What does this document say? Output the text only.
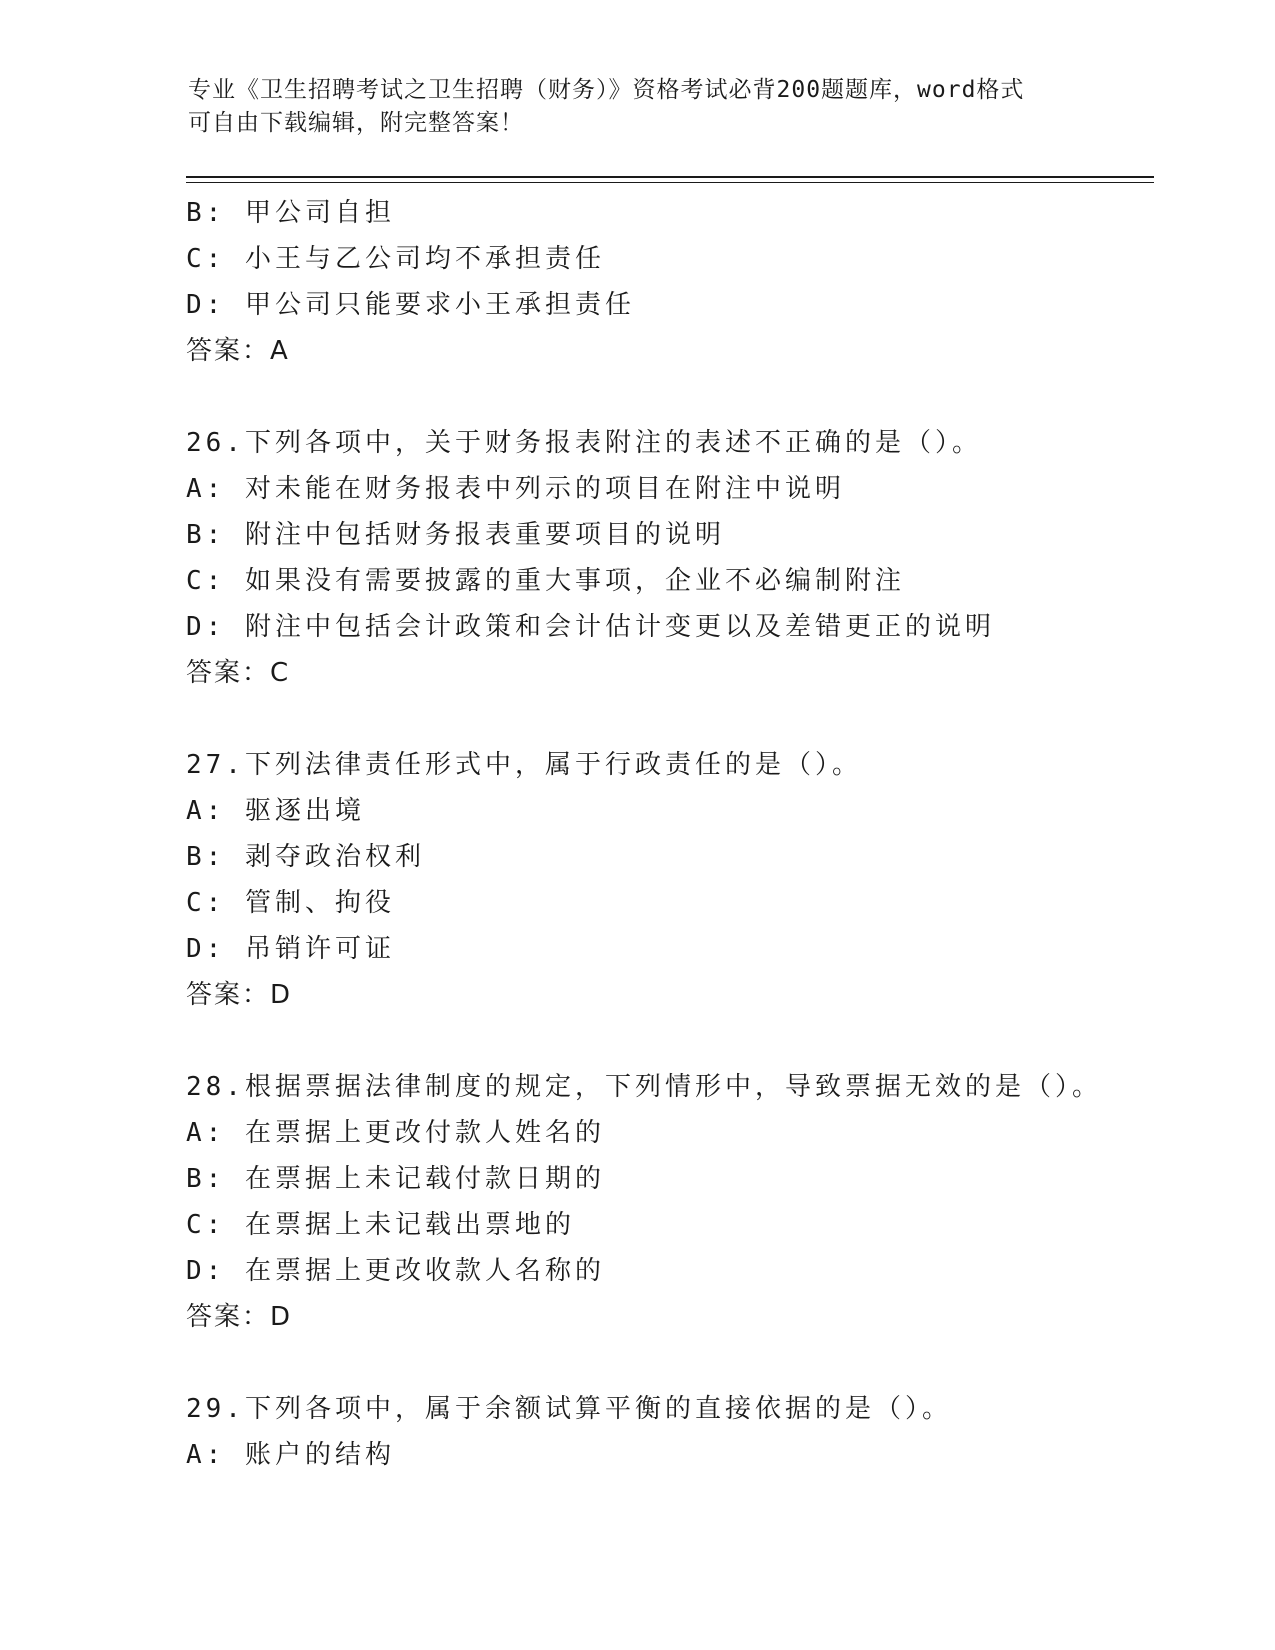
专业《卫生招聘考试之卫生招聘（财务）》资格考试必背200题题库，word格式
可自由下载编辑，附完整答案！
B: 甲公司自担
C: 小王与乙公司均不承担责任
D: 甲公司只能要求小王承担责任
答案：A
26.下列各项中，关于财务报表附注的表述不正确的是（）。
A: 对未能在财务报表中列示的项目在附注中说明
B: 附注中包括财务报表重要项目的说明
C: 如果没有需要披露的重大事项，企业不必编制附注
D: 附注中包括会计政策和会计估计变更以及差错更正的说明
答案：C
27.下列法律责任形式中，属于行政责任的是（）。
A: 驱逐出境
B: 剥夺政治权利
C: 管制、拘役
D: 吊销许可证
答案：D
28.根据票据法律制度的规定，下列情形中，导致票据无效的是（）。
A: 在票据上更改付款人姓名的
B: 在票据上未记载付款日期的
C: 在票据上未记载出票地的
D: 在票据上更改收款人名称的
答案：D
29.下列各项中，属于余额试算平衡的直接依据的是（）。
A: 账户的结构
